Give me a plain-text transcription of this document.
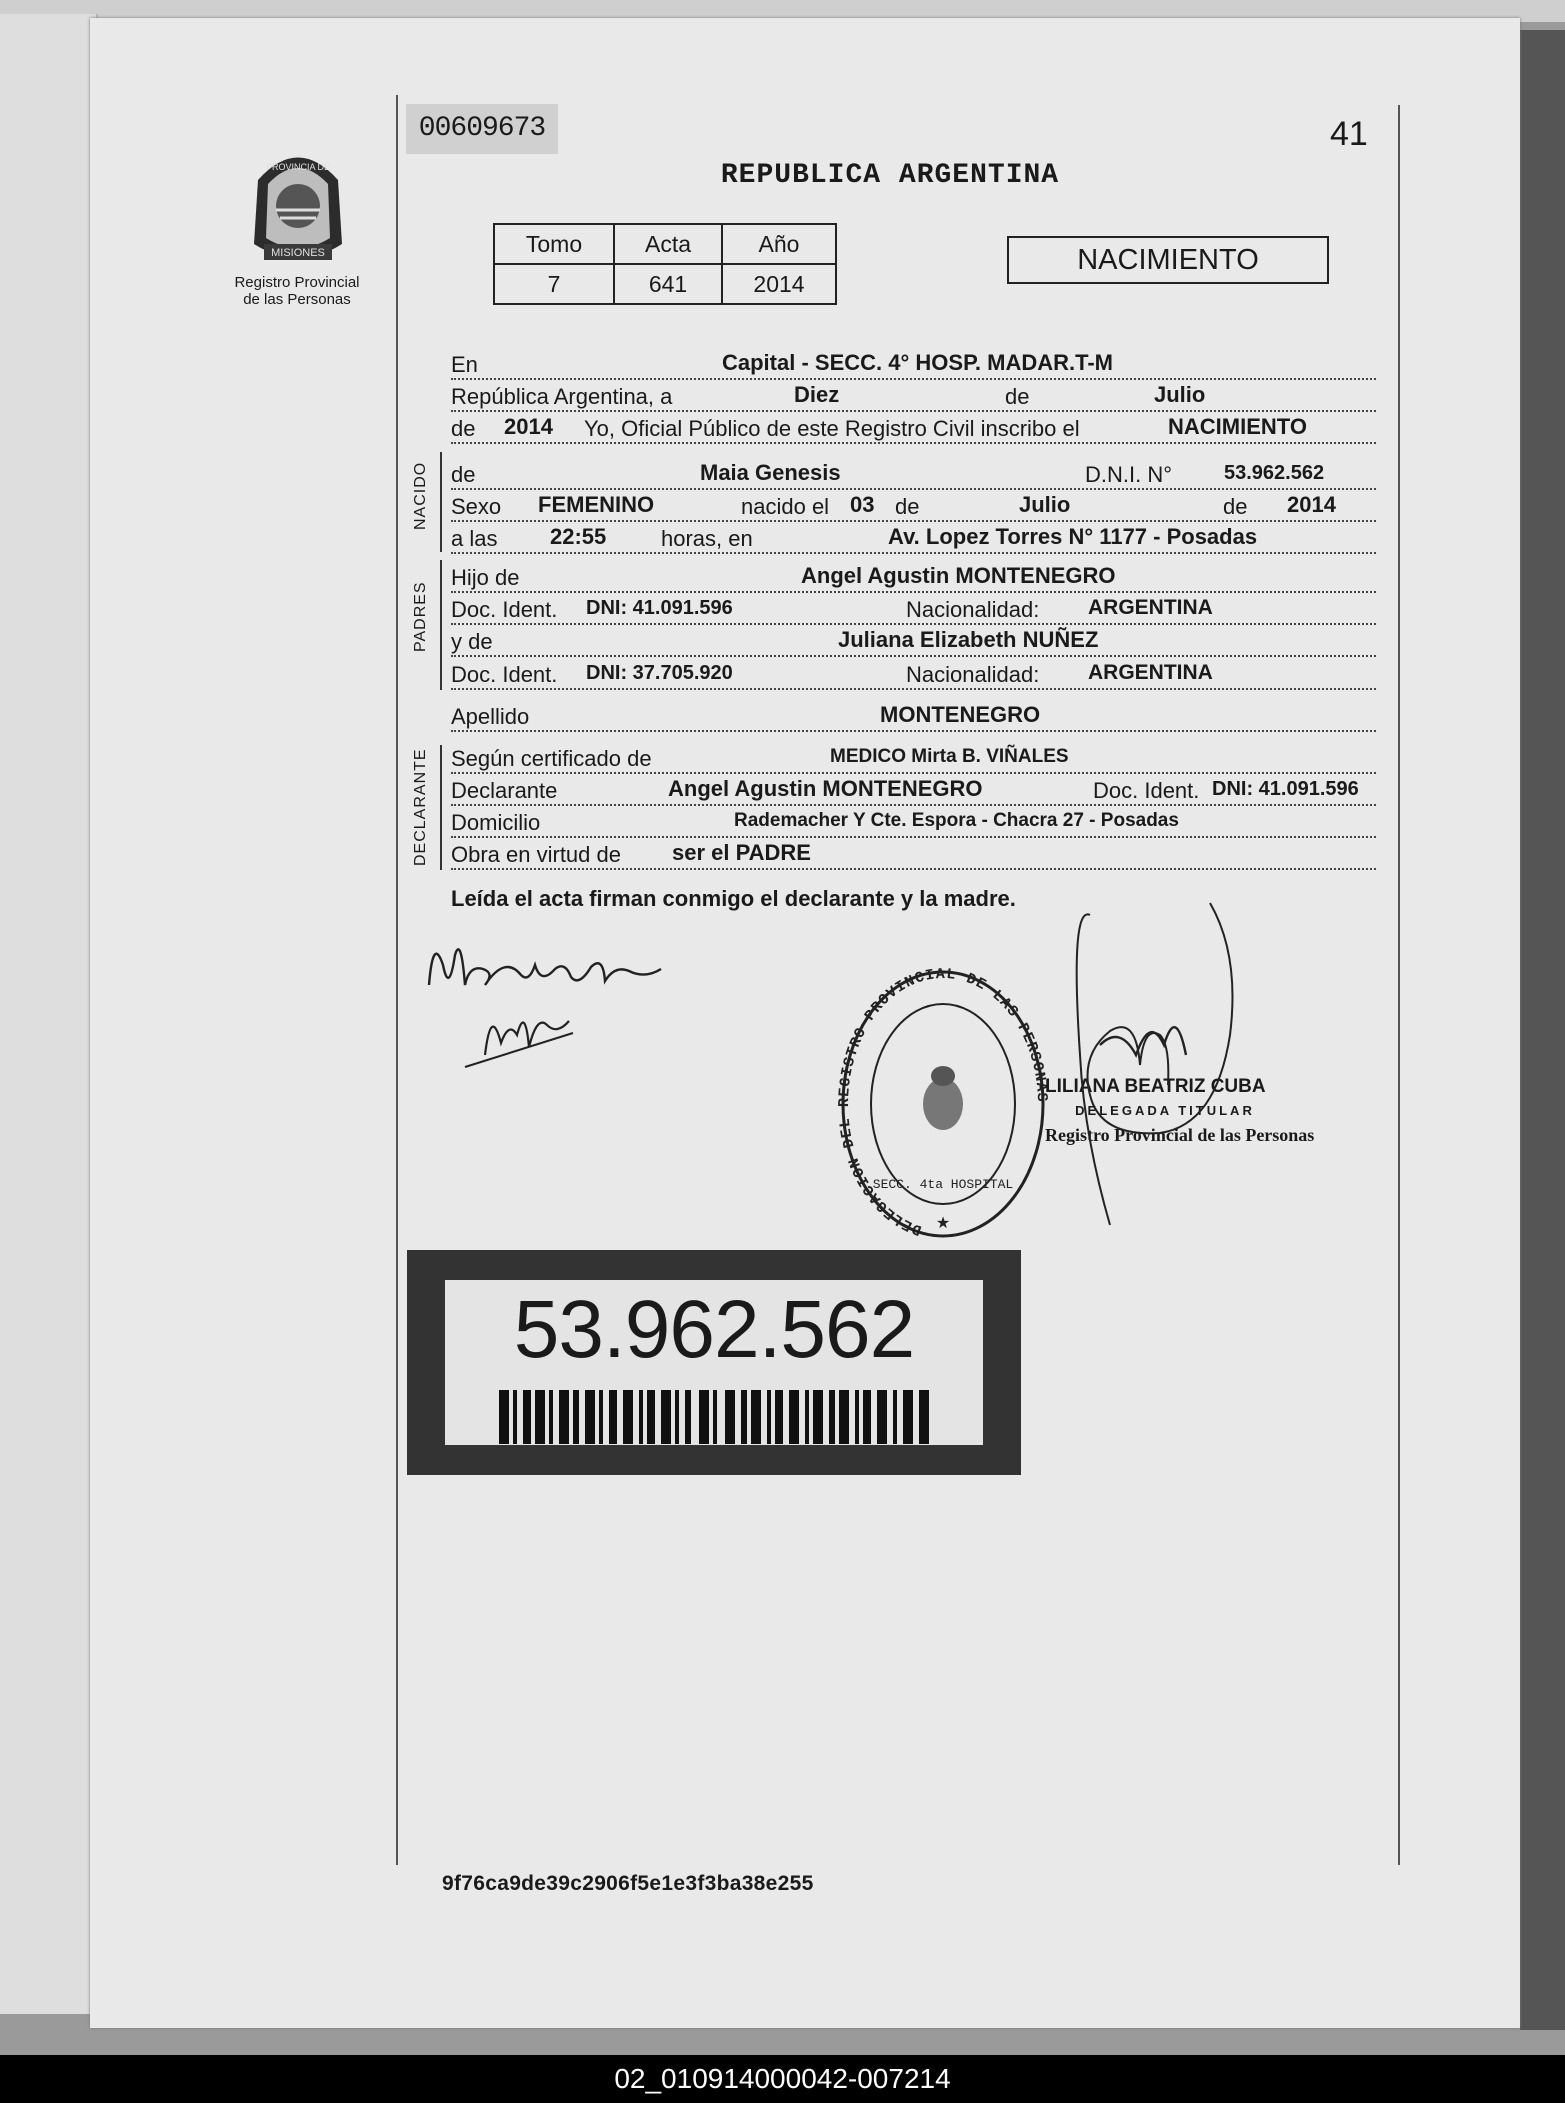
MISIONES
PROVINCIA DE
Registro Provincial
de las Personas
00609673	41
REPUBLICA ARGENTINA
Tomo	Acta	Año
7	641	2014
NACIMIENTO
En	Capital - SECC. 4° HOSP. MADAR.T-M
República Argentina, a	Diez	de	Julio
de 2014 Yo, Oficial Público de este Registro Civil inscribo el	NACIMIENTO
NACIDO de	Maia Genesis	D.N.I. N°	53.962.562
Sexo FEMENINO	nacido el 03 de	Julio	de 2014
a las 22:55 horas, en	Av. Lopez Torres N° 1177 - Posadas
PADRES
Hijo de	Angel Agustin MONTENEGRO
Doc. Ident. DNI: 41.091.596	Nacionalidad: ARGENTINA
y de	Juliana Elizabeth NUÑEZ
Doc. Ident. DNI: 37.705.920	Nacionalidad: ARGENTINA
Apellido	MONTENEGRO
DECLARANTE Según certificado de	MEDICO Mirta B. VIÑALES
Declarante	Angel Agustin MONTENEGRO	Doc. Ident. DNI: 41.091.596
Domicilio	Rademacher Y Cte. Espora - Chacra 27 - Posadas
Obra en virtud de ser el PADRE
Leída el acta firman conmigo el declarante y la madre.
DELEGACION DEL GISTRO PROVINCIAL DE LAS PERSONA
SECC. 4ta HOSPITAL
★
LILIANA BEATRIZ CUBA
DELEGADA TITULAR
Registro Provincial de las Personas
53.962.562
9f76ca9de39c2906f5e1e3f3ba38e255
02_010914000042-007214
